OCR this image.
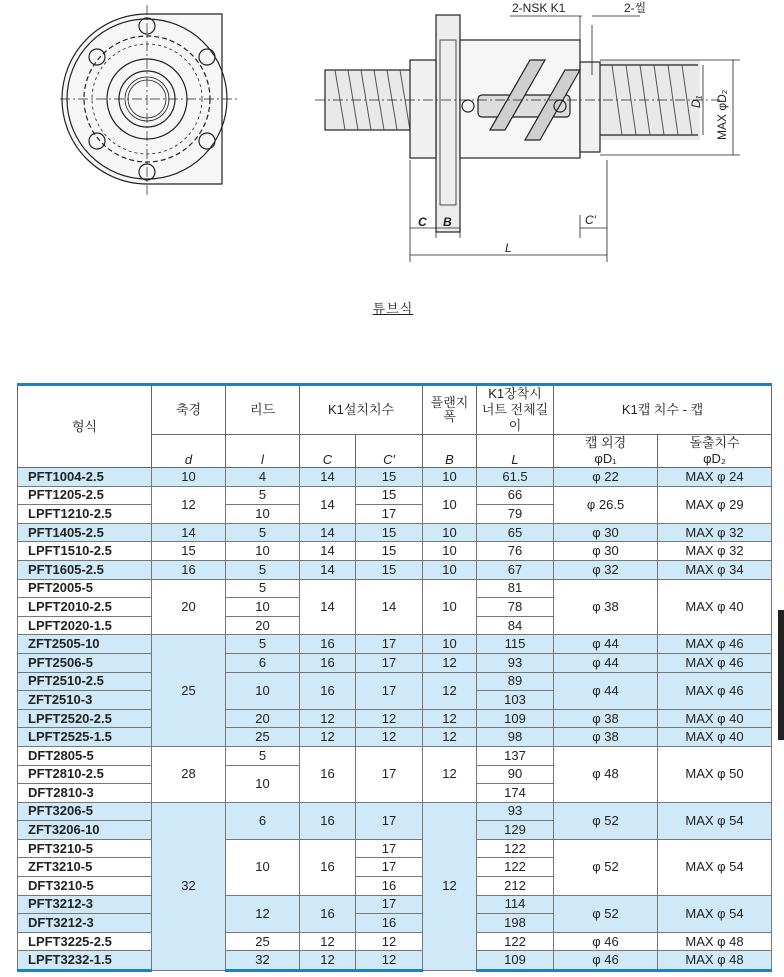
2-NSK K1	2-씰
C B	C′
L
D₁ MAX φD₂
튜브식
형식	축경	리드	K1설치치수		플랜지 폭	K1장착시
너트 전체길이	K1캡 치수 - 캡	
	d	l	C	C′	B	L	캡 외경
φD₁	돌출치수
φD₂

PFT1004-2.5	10	4	14	15	10	61.5	φ 22	MAX φ 24
PFT1205-2.5	12	5	14	15	10	66	φ 26.5	MAX φ 29
LPFT1210-2.5		10		17		79		
PFT1405-2.5	14	5	14	15	10	65	φ 30	MAX φ 32
LPFT1510-2.5	15	10	14	15	10	76	φ 30	MAX φ 32
PFT1605-2.5	16	5	14	15	10	67	φ 32	MAX φ 34
PFT2005-5	20	5	14	14	10	81	φ 38	MAX φ 40
LPFT2010-2.5		10				78		
LPFT2020-1.5		20				84		
ZFT2505-10	25	5	16	17	10	115	φ 44	MAX φ 46
PFT2506-5		6	16	17	12	93	φ 44	MAX φ 46
PFT2510-2.5		10	16	17	12	89	φ 44	MAX φ 46
ZFT2510-3						103		
LPFT2520-2.5		20	12	12	12	109	φ 38	MAX φ 40
LPFT2525-1.5		25	12	12	12	98	φ 38	MAX φ 40
DFT2805-5	28	5	16	17	12	137	φ 48	MAX φ 50
PFT2810-2.5		10				90		
DFT2810-3						174		
PFT3206-5	32	6	16	17	12	93	φ 52	MAX φ 54
ZFT3206-10						129		
PFT3210-5		10	16	17		122	φ 52	MAX φ 54
ZFT3210-5				17		122		
DFT3210-5				16		212		
PFT3212-3		12	16	17		114	φ 52	MAX φ 54
DFT3212-3				16		198		
LPFT3225-2.5		25	12	12		122	φ 46	MAX φ 48
LPFT3232-1.5		32	12	12		109	φ 46	MAX φ 48
